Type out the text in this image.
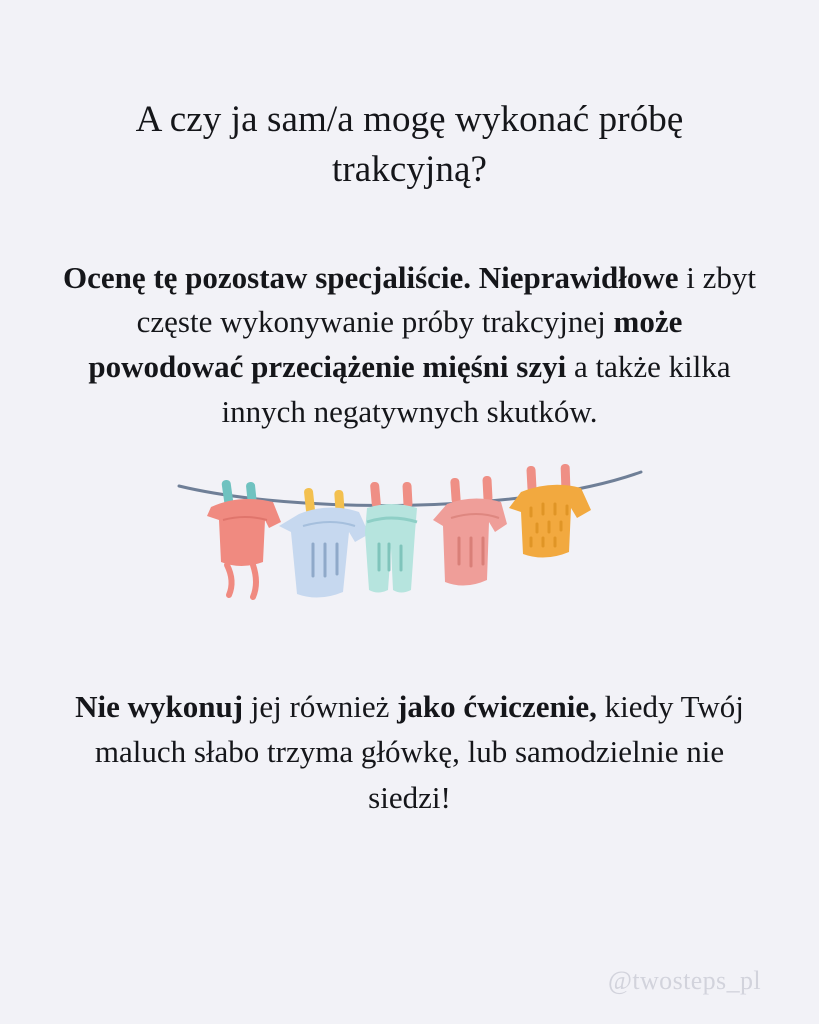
A czy ja sam/a mogę wykonać próbę trakcyjną?
Ocenę tę pozostaw specjaliście. Nieprawidłowe i zbyt częste wykonywanie próby trakcyjnej może powodować przeciążenie mięśni szyi a także kilka innych negatywnych skutków.
Nie wykonuj jej również jako ćwiczenie, kiedy Twój maluch słabo trzyma główkę, lub samodzielnie nie siedzi!
@twosteps_pl
